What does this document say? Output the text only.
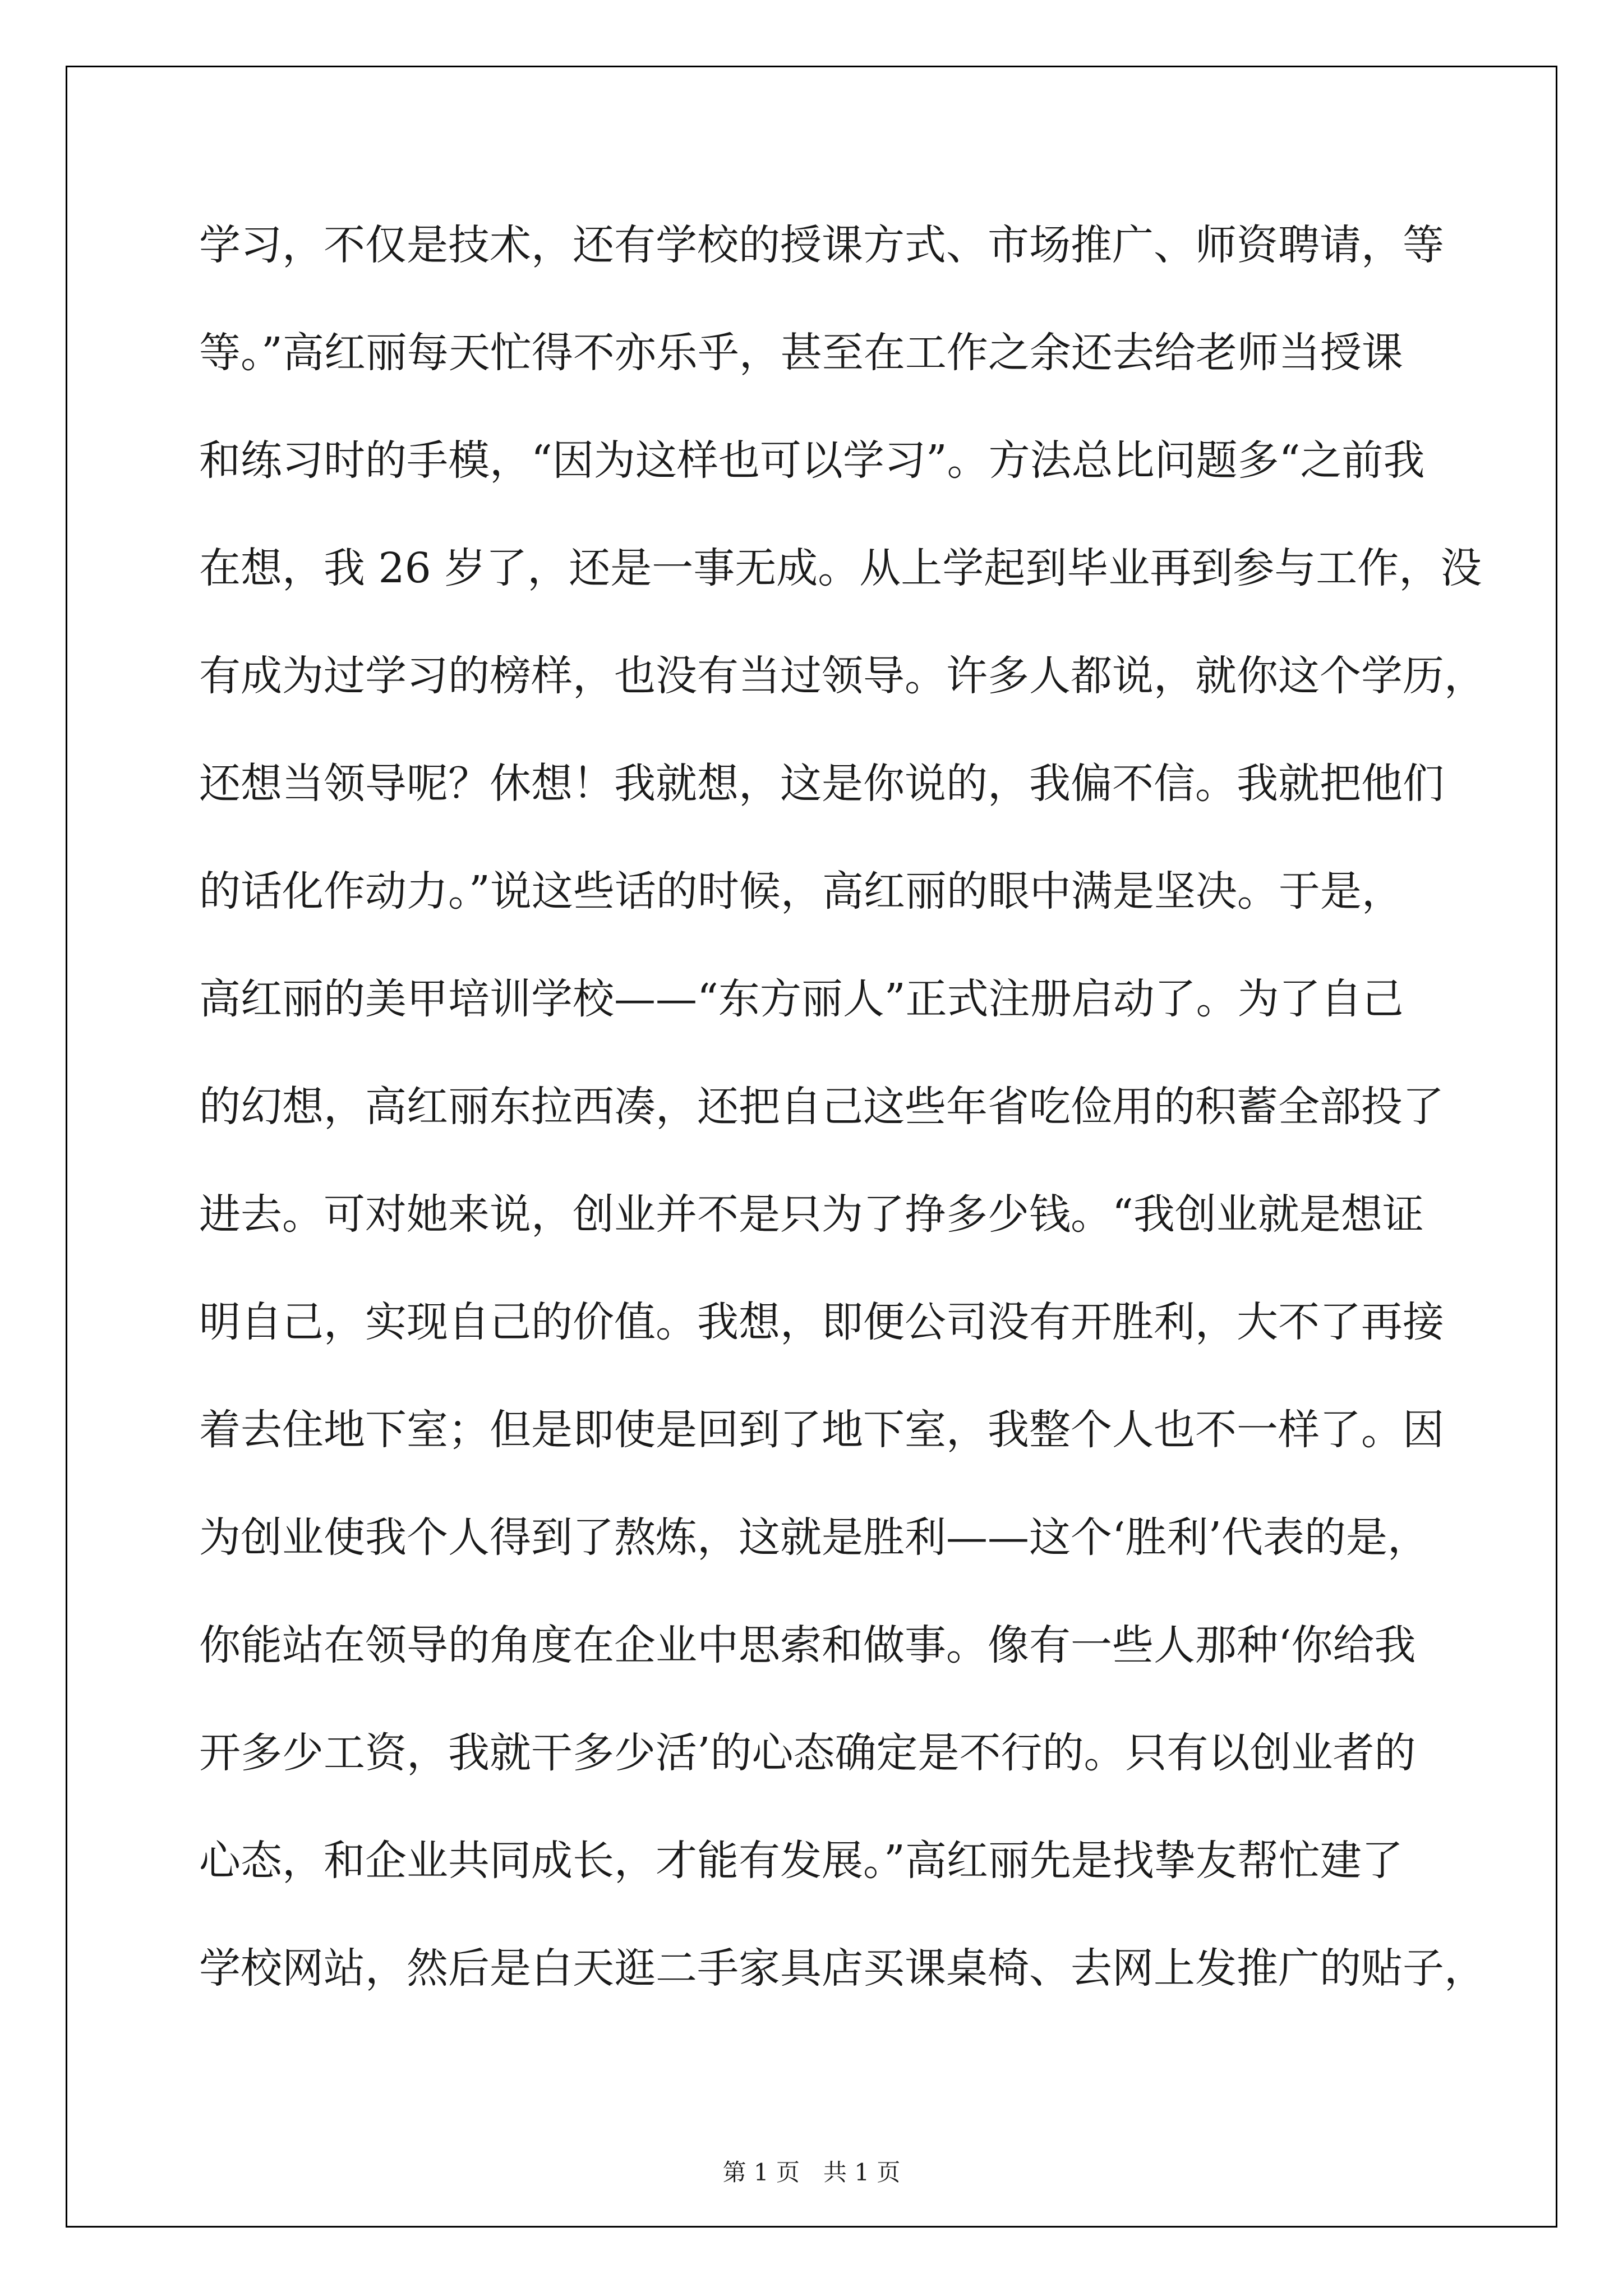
学习，不仅是技术，还有学校的授课方式、市场推广、师资聘请，等
等。”高红丽每天忙得不亦乐乎，甚至在工作之余还去给老师当授课
和练习时的手模，“因为这样也可以学习”。方法总比问题多“之前我
在想，我 26 岁了，还是一事无成。从上学起到毕业再到参与工作，没
有成为过学习的榜样，也没有当过领导。许多人都说，就你这个学历，
还想当领导呢？休想！我就想，这是你说的，我偏不信。我就把他们
的话化作动力。”说这些话的时候，高红丽的眼中满是坚决。于是，
高红丽的美甲培训学校——“东方丽人”正式注册启动了。为了自己
的幻想，高红丽东拉西凑，还把自己这些年省吃俭用的积蓄全部投了
进去。可对她来说，创业并不是只为了挣多少钱。“我创业就是想证
明自己，实现自己的价值。我想，即便公司没有开胜利，大不了再接
着去住地下室；但是即使是回到了地下室，我整个人也不一样了。因
为创业使我个人得到了熬炼，这就是胜利——这个‘胜利’代表的是，
你能站在领导的角度在企业中思索和做事。像有一些人那种‘你给我
开多少工资，我就干多少活’的心态确定是不行的。只有以创业者的
心态，和企业共同成长，才能有发展。”高红丽先是找挚友帮忙建了
学校网站，然后是白天逛二手家具店买课桌椅、去网上发推广的贴子，
第 1 页　共 1 页
